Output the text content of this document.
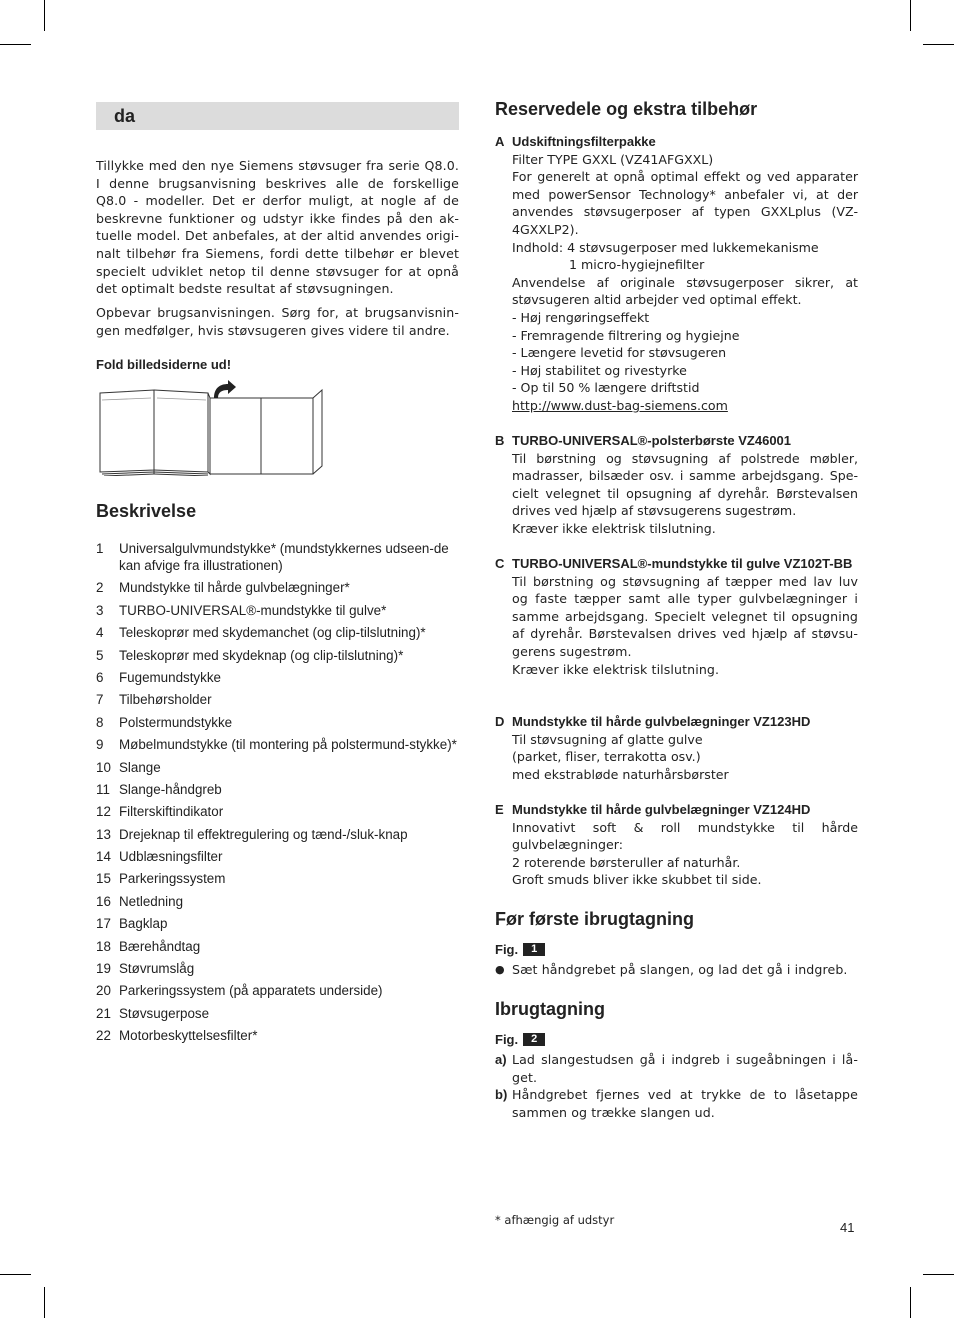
da

Tillykke med den nye Siemens støvsuger fra serie Q8.0. I denne brugsanvisning beskrives alle de forskellige Q8.0 - modeller. Det er derfor muligt, at nogle af de beskrevne funktioner og udstyr ikke findes på den ak-tuelle model. Det anbefales, at der altid anvendes origi-nalt tilbehør fra Siemens, fordi dette tilbehør er blevet specielt udviklet netop til denne støvsuger for at opnå det optimalt bedste resultat af støvsugningen.

Opbevar brugsanvisningen. Sørg for, at brugsanvisnin-gen medfølger, hvis støvsugeren gives videre til andre.

Fold billedsiderne ud!
Beskrivelse
1	Universalgulvmundstykke* (mundstykkernes udseen-de kan afvige fra illustrationen)
2	Mundstykke til hårde gulvbelægninger*
3	TURBO-UNIVERSAL®-mundstykke til gulve*
4	Teleskoprør med skydemanchet (og clip-tilslutning)*
5	Teleskoprør med skydeknap (og clip-tilslutning)*
6	Fugemundstykke
7	Tilbehørsholder
8	Polstermundstykke
9	Møbelmundstykke (til montering på polstermund-stykke)*
10 Slange
11 Slange-håndgreb
12 Filterskiftindikator
13 Drejeknap til effektregulering og tænd-/sluk-knap
14 Udblæsningsfilter
15 Parkeringssystem
16 Netledning
17 Bagklap
18 Bærehåndtag
19 Støvrumslåg
20 Parkeringssystem (på apparatets underside)
21 Støvsugerpose
22 Motorbeskyttelsesfilter*
Reservedele og ekstra tilbehør
A Udskiftningsfilterpakke

Filter TYPE GXXL (VZ41AFGXXL)

For generelt at opnå optimal effekt og ved apparater med powerSensor Technology* anbefaler vi, at der anvendes støvsugerposer af typen GXXLplus (VZ-4GXXLP2).

Indhold: 4 støvsugerposer med lukkemekanisme

1 micro-hygiejnefilter

Anvendelse af originale støvsugerposer sikrer, at støvsugeren altid arbejder ved optimal effekt.

- Høj rengøringseffekt

- Fremragende filtrering og hygiejne

- Længere levetid for støvsugeren

- Høj stabilitet og rivestyrke

- Op til 50 % længere driftstid

http://www.dust-bag-siemens.com

B TURBO-UNIVERSAL®-polsterbørste VZ46001

Til børstning og støvsugning af polstrede møbler, madrasser, bilsæder osv. i samme arbejdsgang. Spe-cielt velegnet til opsugning af dyrehår. Børstevalsen drives ved hjælp af støvsugerens sugestrøm.

Kræver ikke elektrisk tilslutning.

C TURBO-UNIVERSAL®-mundstykke til gulve VZ102T-BB

Til børstning og støvsugning af tæpper med lav luv og faste tæpper samt alle typer gulvbelægninger i samme arbejdsgang. Specielt velegnet til opsugning af dyrehår. Børstevalsen drives ved hjælp af støvsu-gerens sugestrøm.

Kræver ikke elektrisk tilslutning.

D Mundstykke til hårde gulvbelægninger VZ123HD

Til støvsugning af glatte gulve

(parket, fliser, terrakotta osv.)

med ekstrabløde naturhårsbørster

E Mundstykke til hårde gulvbelægninger VZ124HD

Innovativt soft & roll mundstykke til hårde gulvbelægninger:

2 roterende børsteruller af naturhår.

Groft smuds bliver ikke skubbet til side.

Før første ibrugtagning
Fig.	1
● Sæt håndgrebet på slangen, og lad det gå i indgreb.

Ibrugtagning
Fig.	2
a) Lad slangestudsen gå i indgreb i sugeåbningen i lå-get.

b) Håndgrebet fjernes ved at trykke de to låsetappe sammen og trække slangen ud.

* afhængig af udstyr	41
